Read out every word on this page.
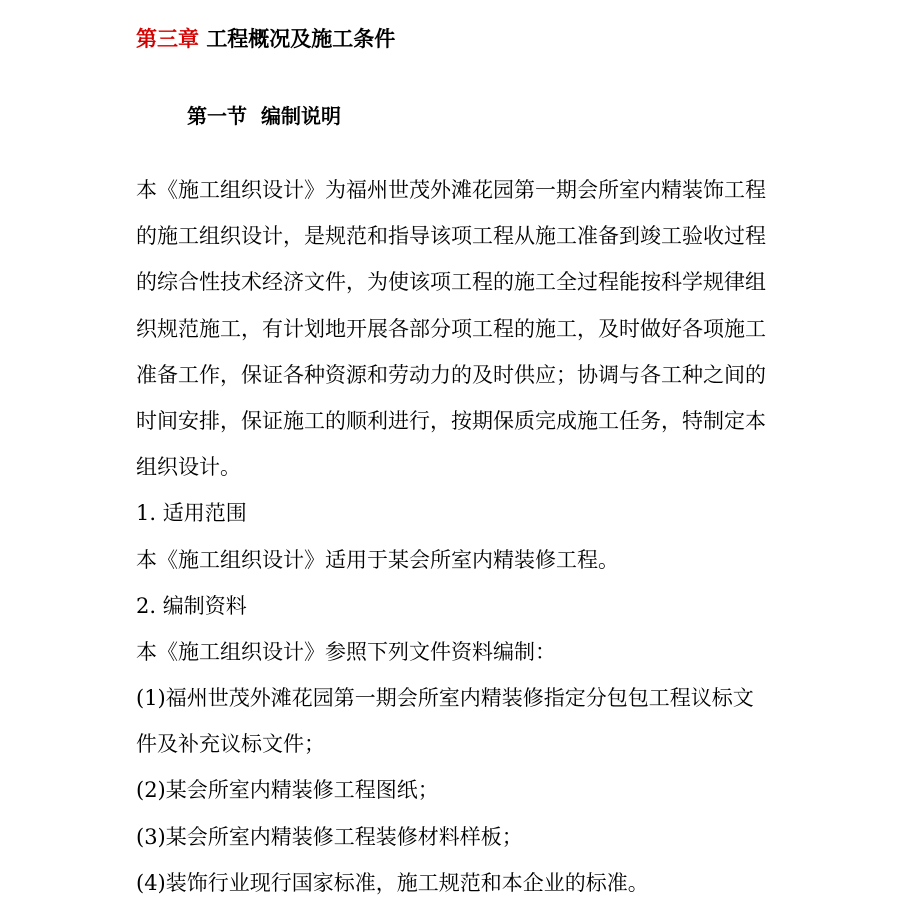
第三章 工程概况及施工条件
第一节 编制说明
本《施工组织设计》为福州世茂外滩花园第一期会所室内精装饰工程
的施工组织设计，是规范和指导该项工程从施工准备到竣工验收过程
的综合性技术经济文件，为使该项工程的施工全过程能按科学规律组
织规范施工，有计划地开展各部分项工程的施工，及时做好各项施工
准备工作，保证各种资源和劳动力的及时供应；协调与各工种之间的
时间安排，保证施工的顺利进行，按期保质完成施工任务，特制定本
组织设计。
1. 适用范围
本《施工组织设计》适用于某会所室内精装修工程。
2. 编制资料
本《施工组织设计》参照下列文件资料编制：
(1)福州世茂外滩花园第一期会所室内精装修指定分包包工程议标文
件及补充议标文件；
(2)某会所室内精装修工程图纸；
(3)某会所室内精装修工程装修材料样板；
(4)装饰行业现行国家标准，施工规范和本企业的标准。
